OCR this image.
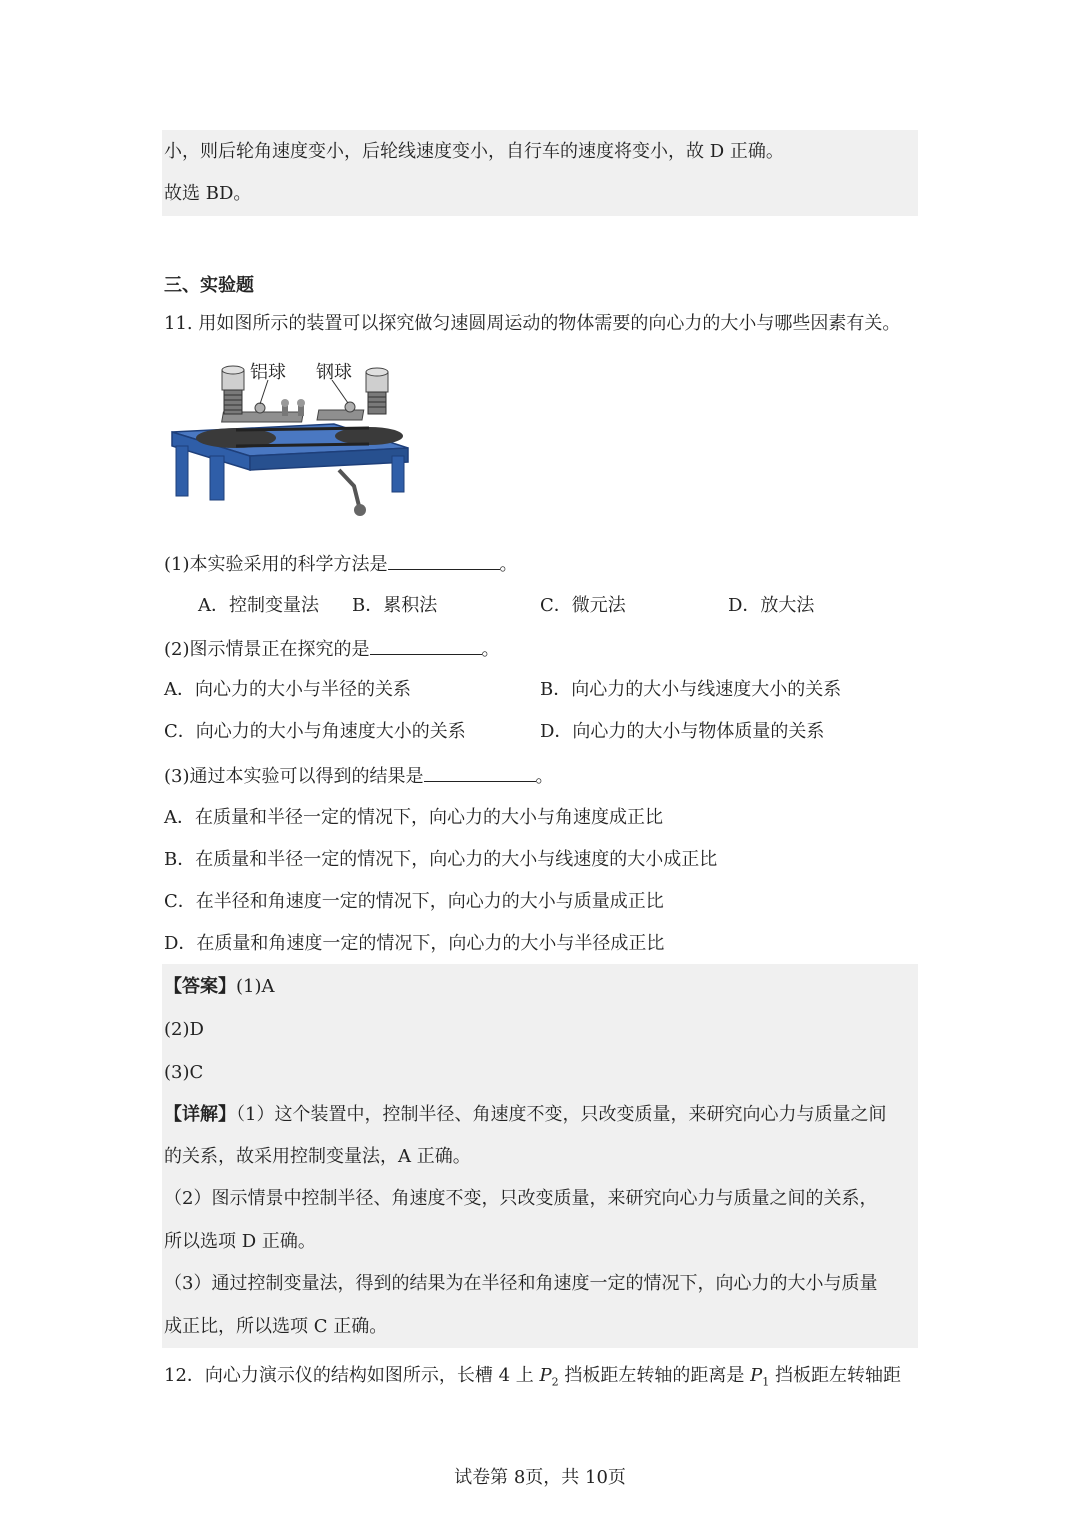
小，则后轮角速度变小，后轮线速度变小，自行车的速度将变小，故 D 正确。
故选 BD。
三、实验题
11. 用如图所示的装置可以探究做匀速圆周运动的物体需要的向心力的大小与哪些因素有关。
铝球 钢球
(1)本实验采用的科学方法是	。
A．控制变量法 B．累积法	C．微元法	D．放大法
(2)图示情景正在探究的是	。
A．向心力的大小与半径的关系	B．向心力的大小与线速度大小的关系
C．向心力的大小与角速度大小的关系	D．向心力的大小与物体质量的关系
(3)通过本实验可以得到的结果是	。
A．在质量和半径一定的情况下，向心力的大小与角速度成正比
B．在质量和半径一定的情况下，向心力的大小与线速度的大小成正比
C．在半径和角速度一定的情况下，向心力的大小与质量成正比
D．在质量和角速度一定的情况下，向心力的大小与半径成正比
【答案】(1)A
(2)D
(3)C
【详解】（1）这个装置中，控制半径、角速度不变，只改变质量，来研究向心力与质量之间
的关系，故采用控制变量法，A 正确。
（2）图示情景中控制半径、角速度不变，只改变质量，来研究向心力与质量之间的关系，
所以选项 D 正确。
（3）通过控制变量法，得到的结果为在半径和角速度一定的情况下，向心力的大小与质量
成正比，所以选项 C 正确。
12．向心力演示仪的结构如图所示，长槽 4 上 $P_2$ 挡板距左转轴的距离是 $P_1$ 挡板距左转轴距
试卷第 8页，共 10页
